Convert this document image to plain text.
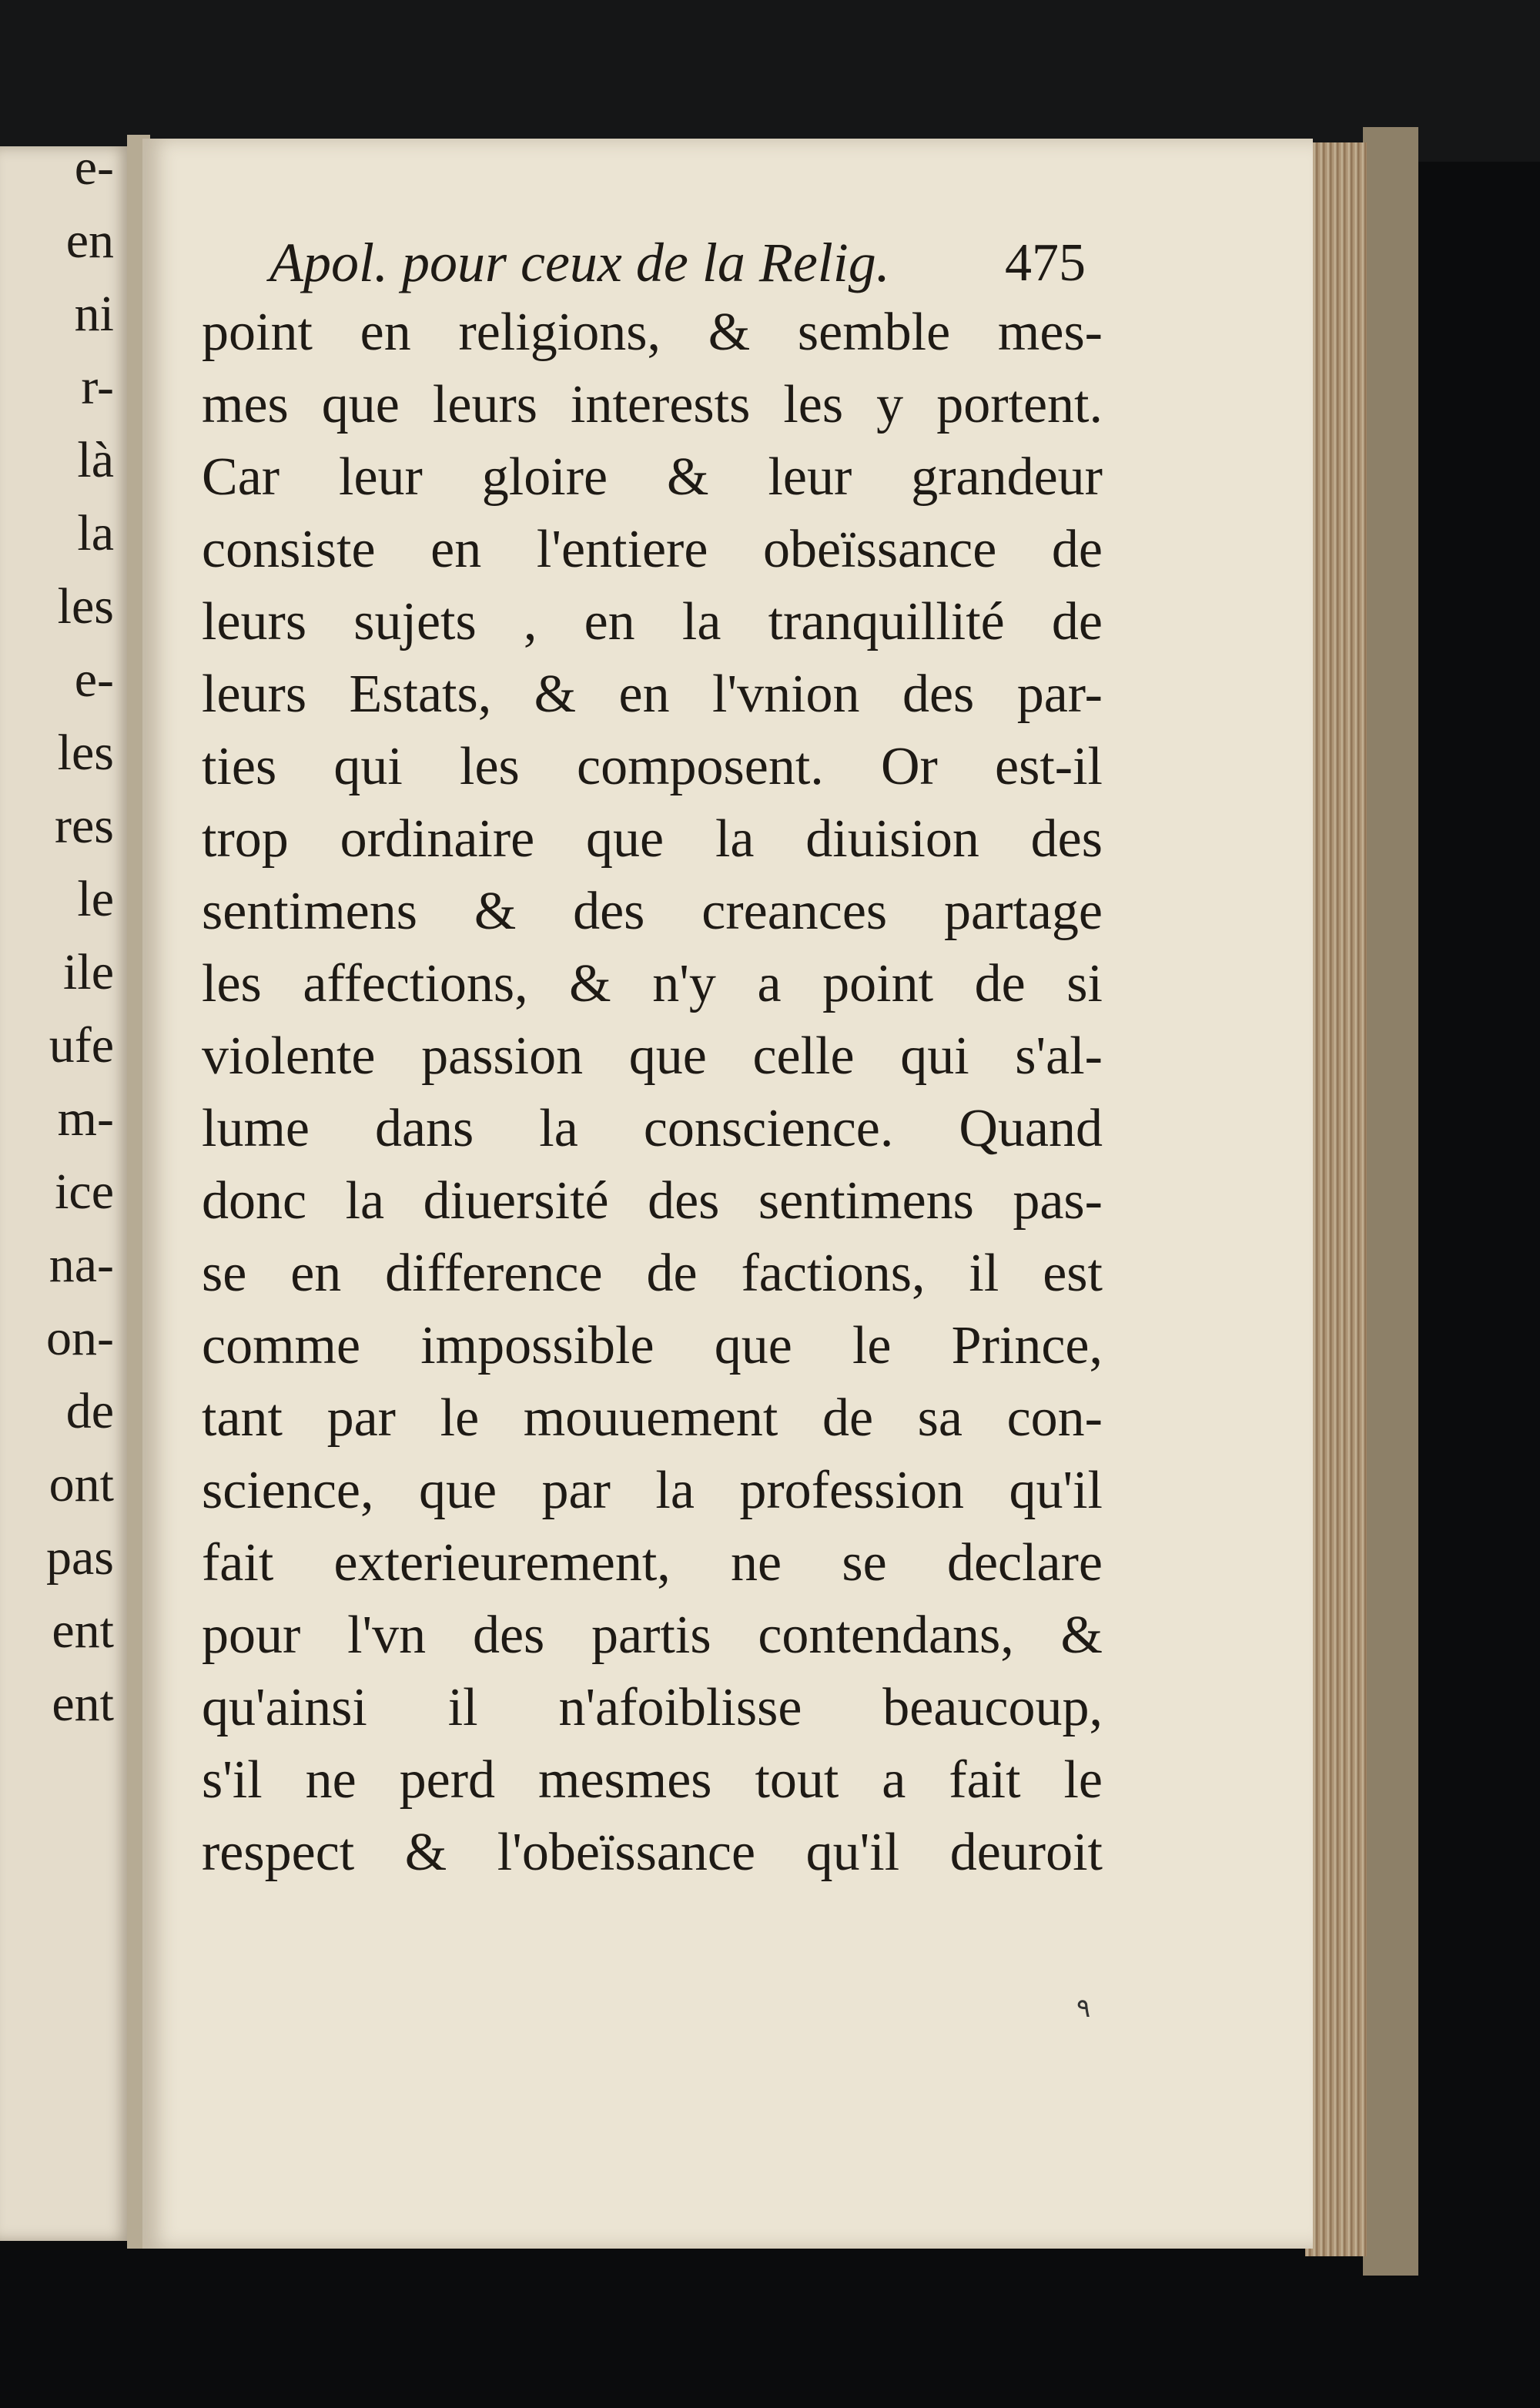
e-
en
ni
r-
là
la
les
e-
les
res
le
ile
ufe
m-
ice
na-
on-
de
ont
pas
ent
ent
Apol. pour ceux de la Relig. 475
point en religions, & semble mes-
mes que leurs interests les y portent.
Car leur gloire & leur grandeur
consiste en l'entiere obeïssance de
leurs sujets , en la tranquillité de
leurs Estats, & en l'vnion des par-
ties qui les composent. Or est-il
trop ordinaire que la diuision des
sentimens & des creances partage
les affections, & n'y a point de si
violente passion que celle qui s'al-
lume dans la conscience. Quand
donc la diuersité des sentimens pas-
se en difference de factions, il est
comme impossible que le Prince,
tant par le mouuement de sa con-
science, que par la profession qu'il
fait exterieurement, ne se declare
pour l'vn des partis contendans, &
qu'ainsi il n'afoiblisse beaucoup,
s'il ne perd mesmes tout a fait le
respect & l'obeïssance qu'il deuroit
٩
